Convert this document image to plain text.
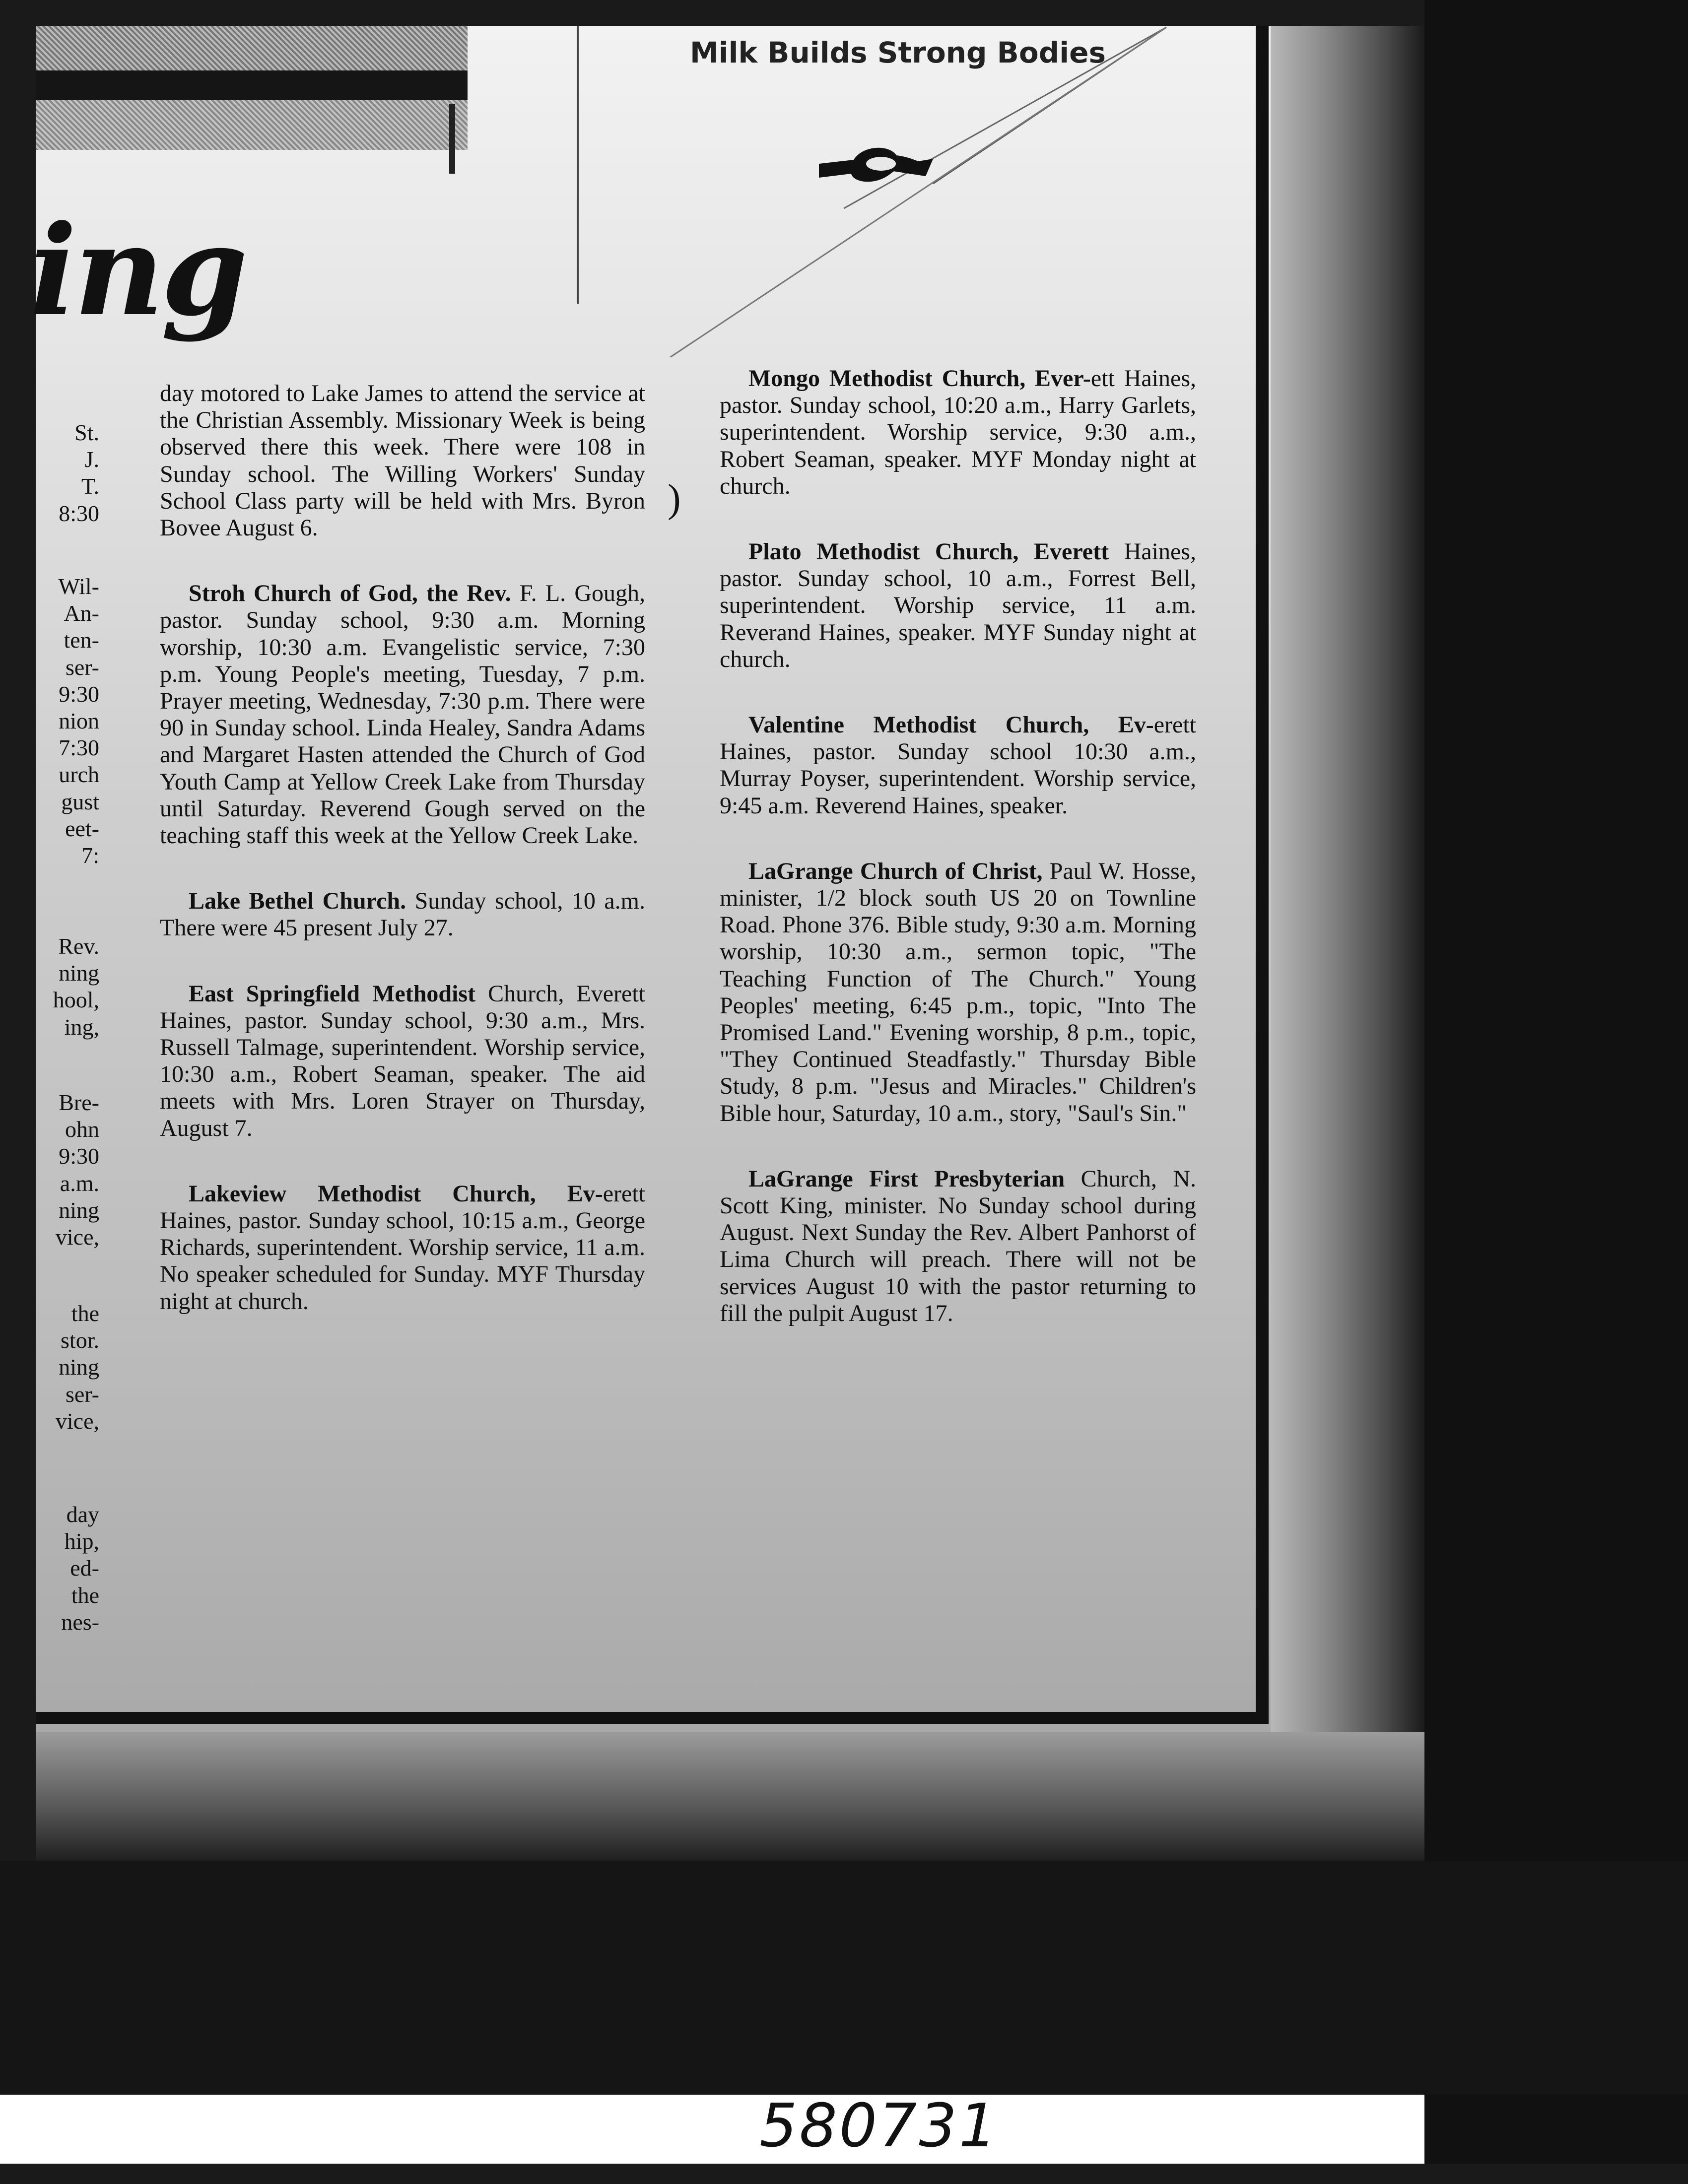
ing
Milk Builds Strong Bodies
)
St.
J.
T.
8:30
Wil-
An-
ten-
ser-
9:30
nion
7:30
urch
gust
eet-
7:
Rev.
ning
hool,
ing,
Bre-
ohn
9:30
a.m.
ning
vice,
the
stor.
ning
ser-
vice,
day
hip,
ed-
the
nes-

day motored to Lake James to attend the service at the Christian Assembly. Missionary Week is being observed there this week. There were 108 in Sunday school. The Willing Workers' Sunday School Class party will be held with Mrs. Byron Bovee August 6.

Stroh Church of God, the Rev. F. L. Gough, pastor. Sunday school, 9:30 a.m. Morning worship, 10:30 a.m. Evangelistic service, 7:30 p.m. Young People's meeting, Tuesday, 7 p.m. Prayer meeting, Wednesday, 7:30 p.m. There were 90 in Sunday school. Linda Healey, Sandra Adams and Margaret Hasten attended the Church of God Youth Camp at Yellow Creek Lake from Thursday until Saturday. Reverend Gough served on the teaching staff this week at the Yellow Creek Lake.

Lake Bethel Church. Sunday school, 10 a.m. There were 45 present July 27.

East Springfield Methodist Church, Everett Haines, pastor. Sunday school, 9:30 a.m., Mrs. Russell Talmage, superintendent. Worship service, 10:30 a.m., Robert Seaman, speaker. The aid meets with Mrs. Loren Strayer on Thursday, August 7.

Lakeview Methodist Church, Ev-erett Haines, pastor. Sunday school, 10:15 a.m., George Richards, superintendent. Worship service, 11 a.m. No speaker scheduled for Sunday. MYF Thursday night at church.

Mongo Methodist Church, Ever-ett Haines, pastor. Sunday school, 10:20 a.m., Harry Garlets, superintendent. Worship service, 9:30 a.m., Robert Seaman, speaker. MYF Monday night at church.

Plato Methodist Church, Everett Haines, pastor. Sunday school, 10 a.m., Forrest Bell, superintendent. Worship service, 11 a.m. Reverand Haines, speaker. MYF Sunday night at church.

Valentine Methodist Church, Ev-erett Haines, pastor. Sunday school 10:30 a.m., Murray Poyser, superintendent. Worship service, 9:45 a.m. Reverend Haines, speaker.

LaGrange Church of Christ, Paul W. Hosse, minister, 1/2 block south US 20 on Townline Road. Phone 376. Bible study, 9:30 a.m. Morning worship, 10:30 a.m., sermon topic, "The Teaching Function of The Church." Young Peoples' meeting, 6:45 p.m., topic, "Into The Promised Land." Evening worship, 8 p.m., topic, "They Continued Steadfastly." Thursday Bible Study, 8 p.m. "Jesus and Miracles." Children's Bible hour, Saturday, 10 a.m., story, "Saul's Sin."

LaGrange First Presbyterian Church, N. Scott King, minister. No Sunday school during August. Next Sunday the Rev. Albert Panhorst of Lima Church will preach. There will not be services August 10 with the pastor returning to fill the pulpit August 17.

580731
